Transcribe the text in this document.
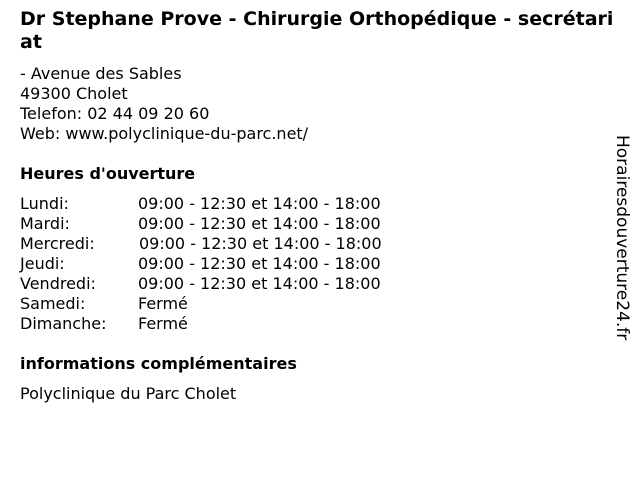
Dr Stephane Prove - Chirurgie Orthopédique - secrétariat
- Avenue des Sables
49300 Cholet
Telefon: 02 44 09 20 60
Web: www.polyclinique-du-parc.net/
Heures d'ouverture
Lundi:	09:00 - 12:30 et 14:00 - 18:00
Mardi:	09:00 - 12:30 et 14:00 - 18:00
Mercredi:	09:00 - 12:30 et 14:00 - 18:00
Jeudi:	09:00 - 12:30 et 14:00 - 18:00
Vendredi:	09:00 - 12:30 et 14:00 - 18:00
Samedi:	Fermé
Dimanche:	Fermé
informations complémentaires
Polyclinique du Parc Cholet
Horairesdouverture24.fr
